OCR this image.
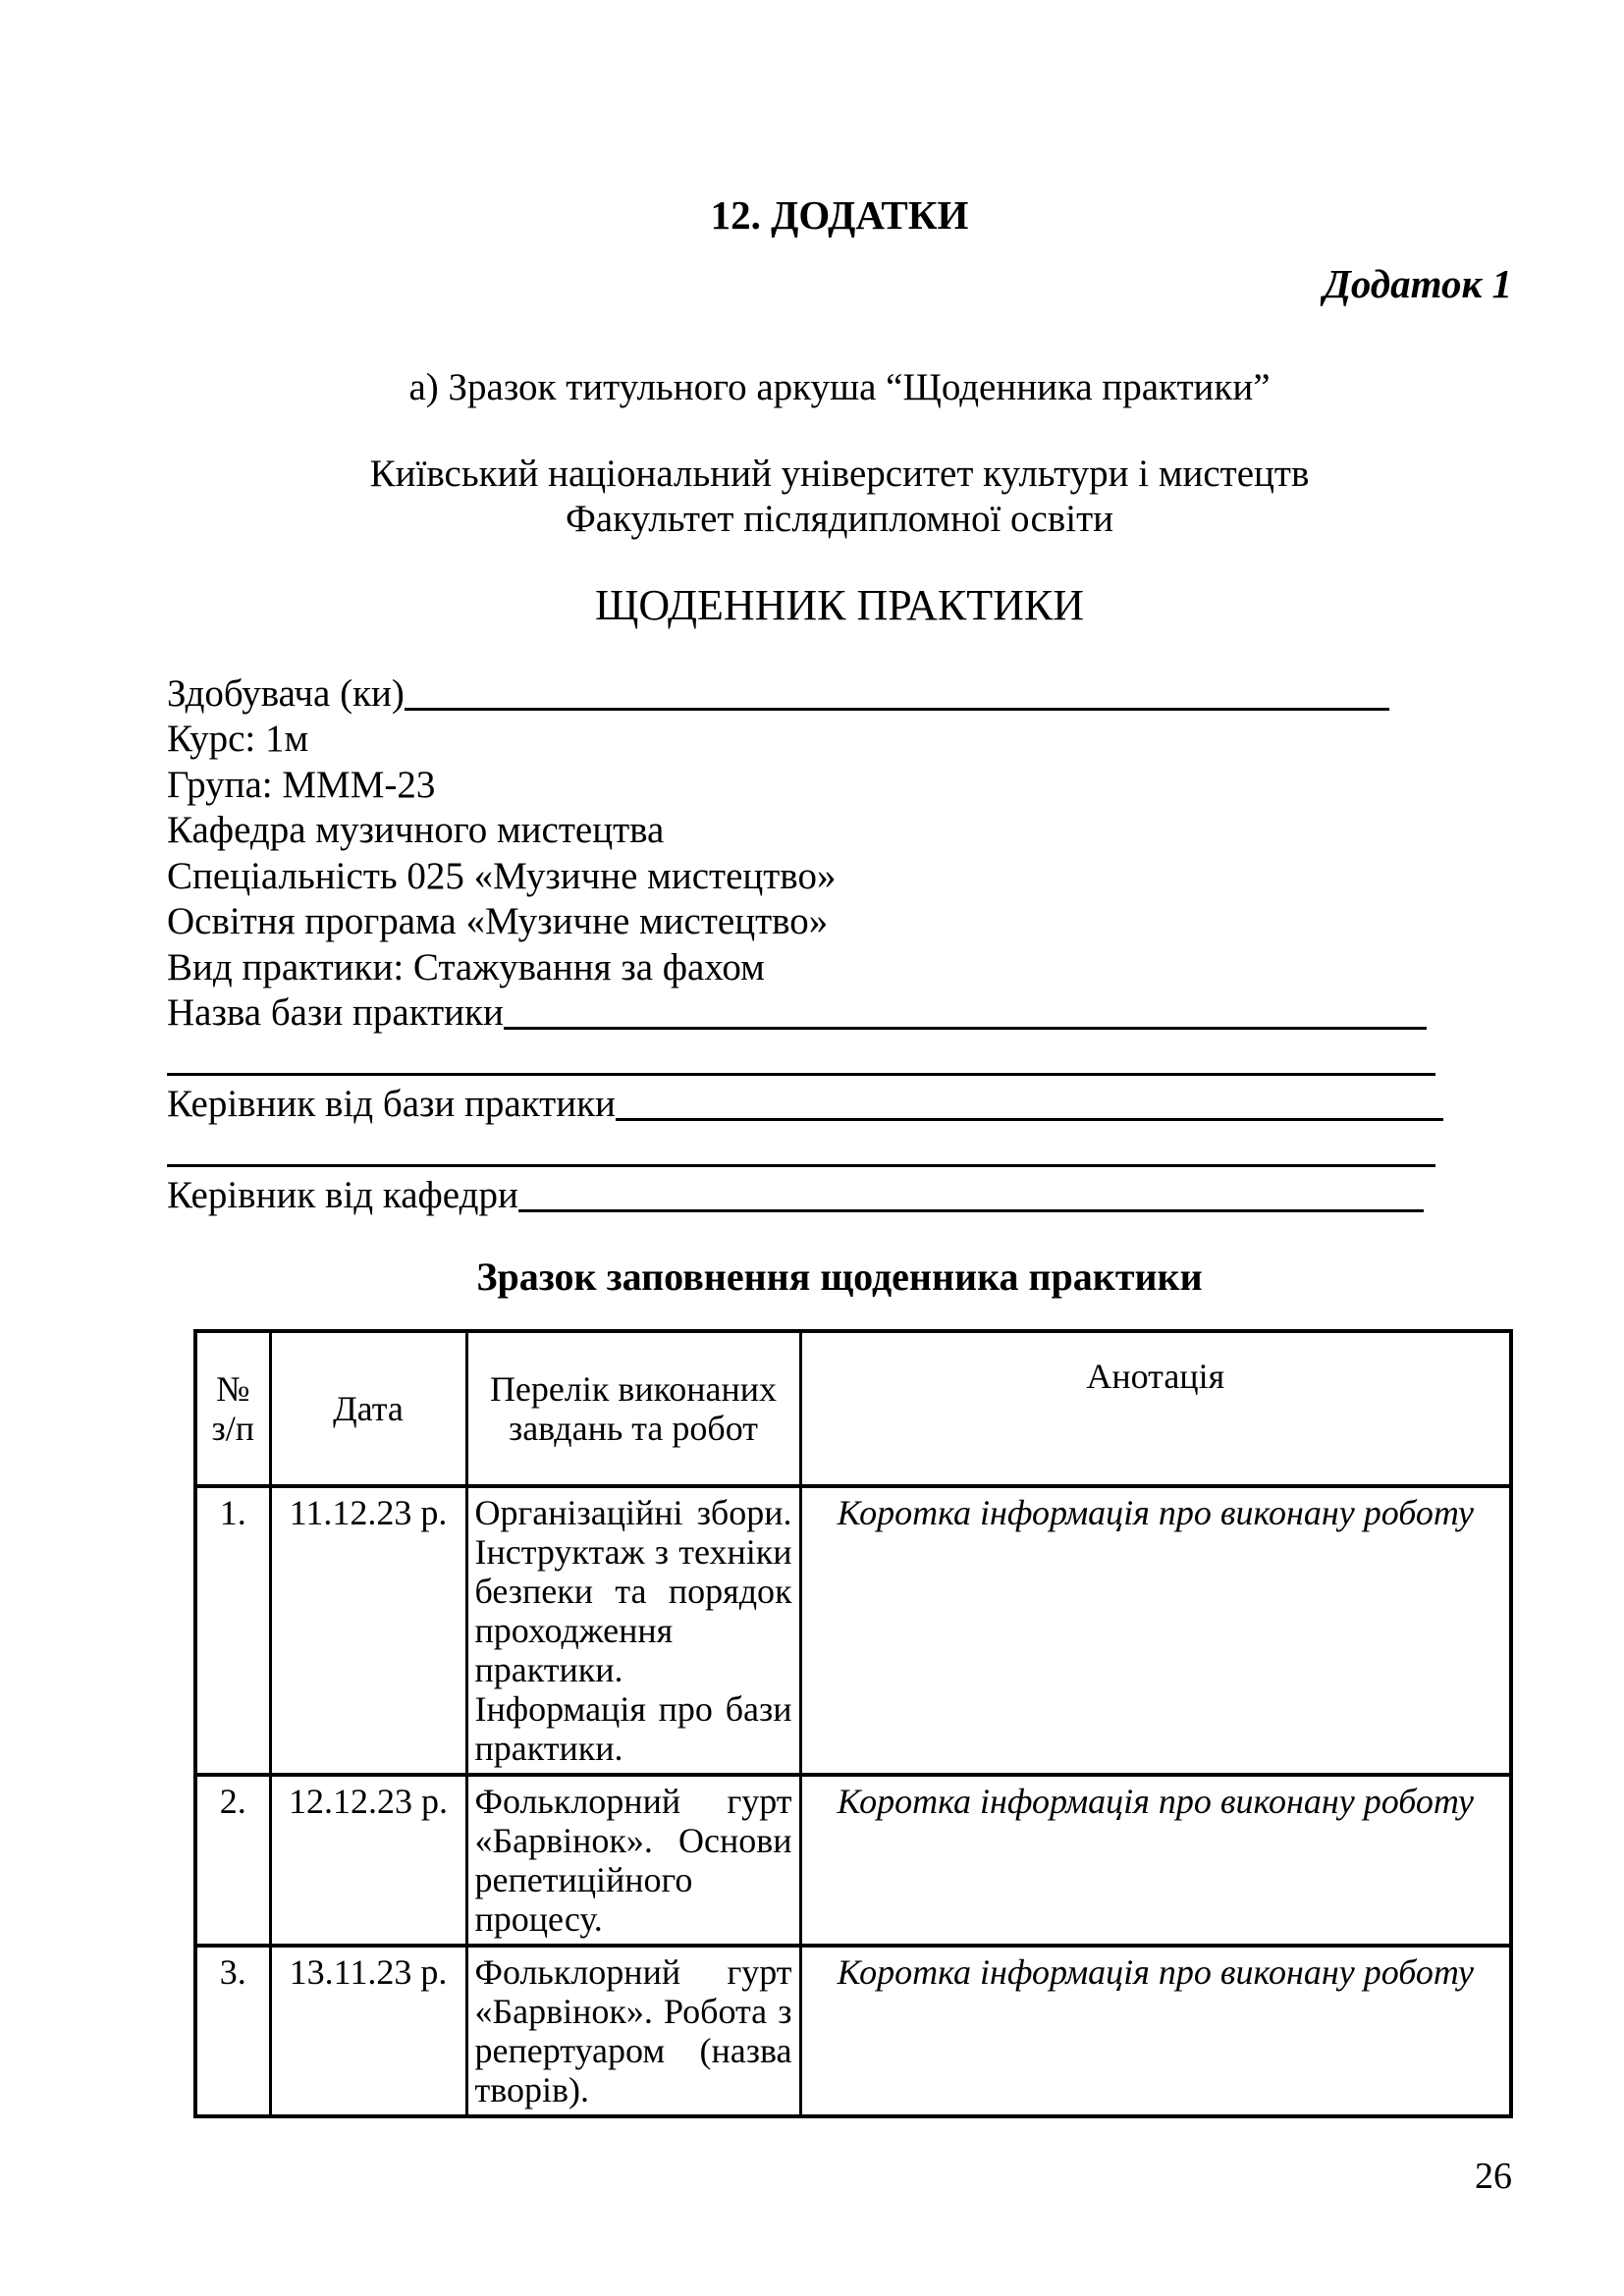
12. ДОДАТКИ
Додаток 1
а) Зразок титульного аркуша “Щоденника практики”
Київський національний університет культури і мистецтв
Факультет післядипломної освіти
ЩОДЕННИК ПРАКТИКИ
Здобувача (ки)
Курс: 1м
Група: МММ-23
Кафедра музичного мистецтва
Спеціальність 025 «Музичне мистецтво»
Освітня програма «Музичне мистецтво»
Вид практики: Стажування за фахом
Назва бази практики
Керівник від бази практики
Керівник від кафедри
Зразок заповнення щоденника практики
№ з/п	Дата	Перелік виконаних завдань та робот	Анотація
1.	11.12.23 р.	Організаційні збори. Інструктаж з техніки безпеки та порядок проходження практики. Інформація про бази практики.	Коротка інформація про виконану роботу
2.	12.12.23 р.	Фольклорний гурт «Барвінок». Основи репетиційного процесу.	Коротка інформація про виконану роботу
3.	13.11.23 р.	Фольклорний гурт «Барвінок». Робота з репертуаром (назва творів).	Коротка інформація про виконану роботу
26
